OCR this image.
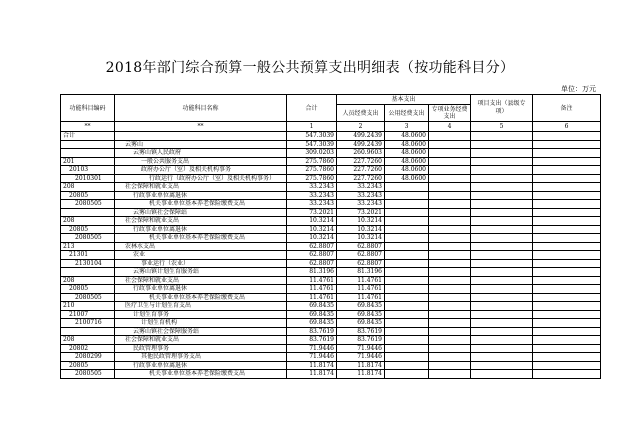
2018年部门综合预算一般公共预算支出明细表（按功能科目分）
单位：万元
功能科目编码	功能科目名称	合计	基本支出			项目支出（县级专项）	备注
			人员经费支出	公用经费支出	专项业务经费支出		
**	**	1	2	3	4	5	6
合计		547.3039	499.2439	48.0600			
	云雾山	547.3039	499.2439	48.0600			
	云雾山镇人民政府	309.0203	260.9603	48.0600			
201	一般公共服务支出	275.7860	227.7260	48.0600			
20103	政府办公厅（室）及相关机构事务	275.7860	227.7260	48.0600			
2010301	行政运行（政府办公厅（室）及相关机构事务）	275.7860	227.7260	48.0600			
208	社会保障和就业支出	33.2343	33.2343				
20805	行政事业单位离退休	33.2343	33.2343				
2080505	机关事业单位基本养老保险缴费支出	33.2343	33.2343				
	云雾山镇社会保障站	73.2021	73.2021				
208	社会保障和就业支出	10.3214	10.3214				
20805	行政事业单位离退休	10.3214	10.3214				
2080505	机关事业单位基本养老保险缴费支出	10.3214	10.3214				
213	农林水支出	62.8807	62.8807				
21301	农业	62.8807	62.8807				
2130104	事业运行（农业）	62.8807	62.8807				
	云雾山镇计划生育服务站	81.3196	81.3196				
208	社会保障和就业支出	11.4761	11.4761				
20805	行政事业单位离退休	11.4761	11.4761				
2080505	机关事业单位基本养老保险缴费支出	11.4761	11.4761				
210	医疗卫生与计划生育支出	69.8435	69.8435				
21007	计划生育事务	69.8435	69.8435				
2100716	计划生育机构	69.8435	69.8435				
	云雾山镇社会保障服务站	83.7619	83.7619				
208	社会保障和就业支出	83.7619	83.7619				
20802	民政管理事务	71.9446	71.9446				
2080299	其他民政管理事务支出	71.9446	71.9446				
20805	行政事业单位离退休	11.8174	11.8174				
2080505	机关事业单位基本养老保险缴费支出	11.8174	11.8174				
